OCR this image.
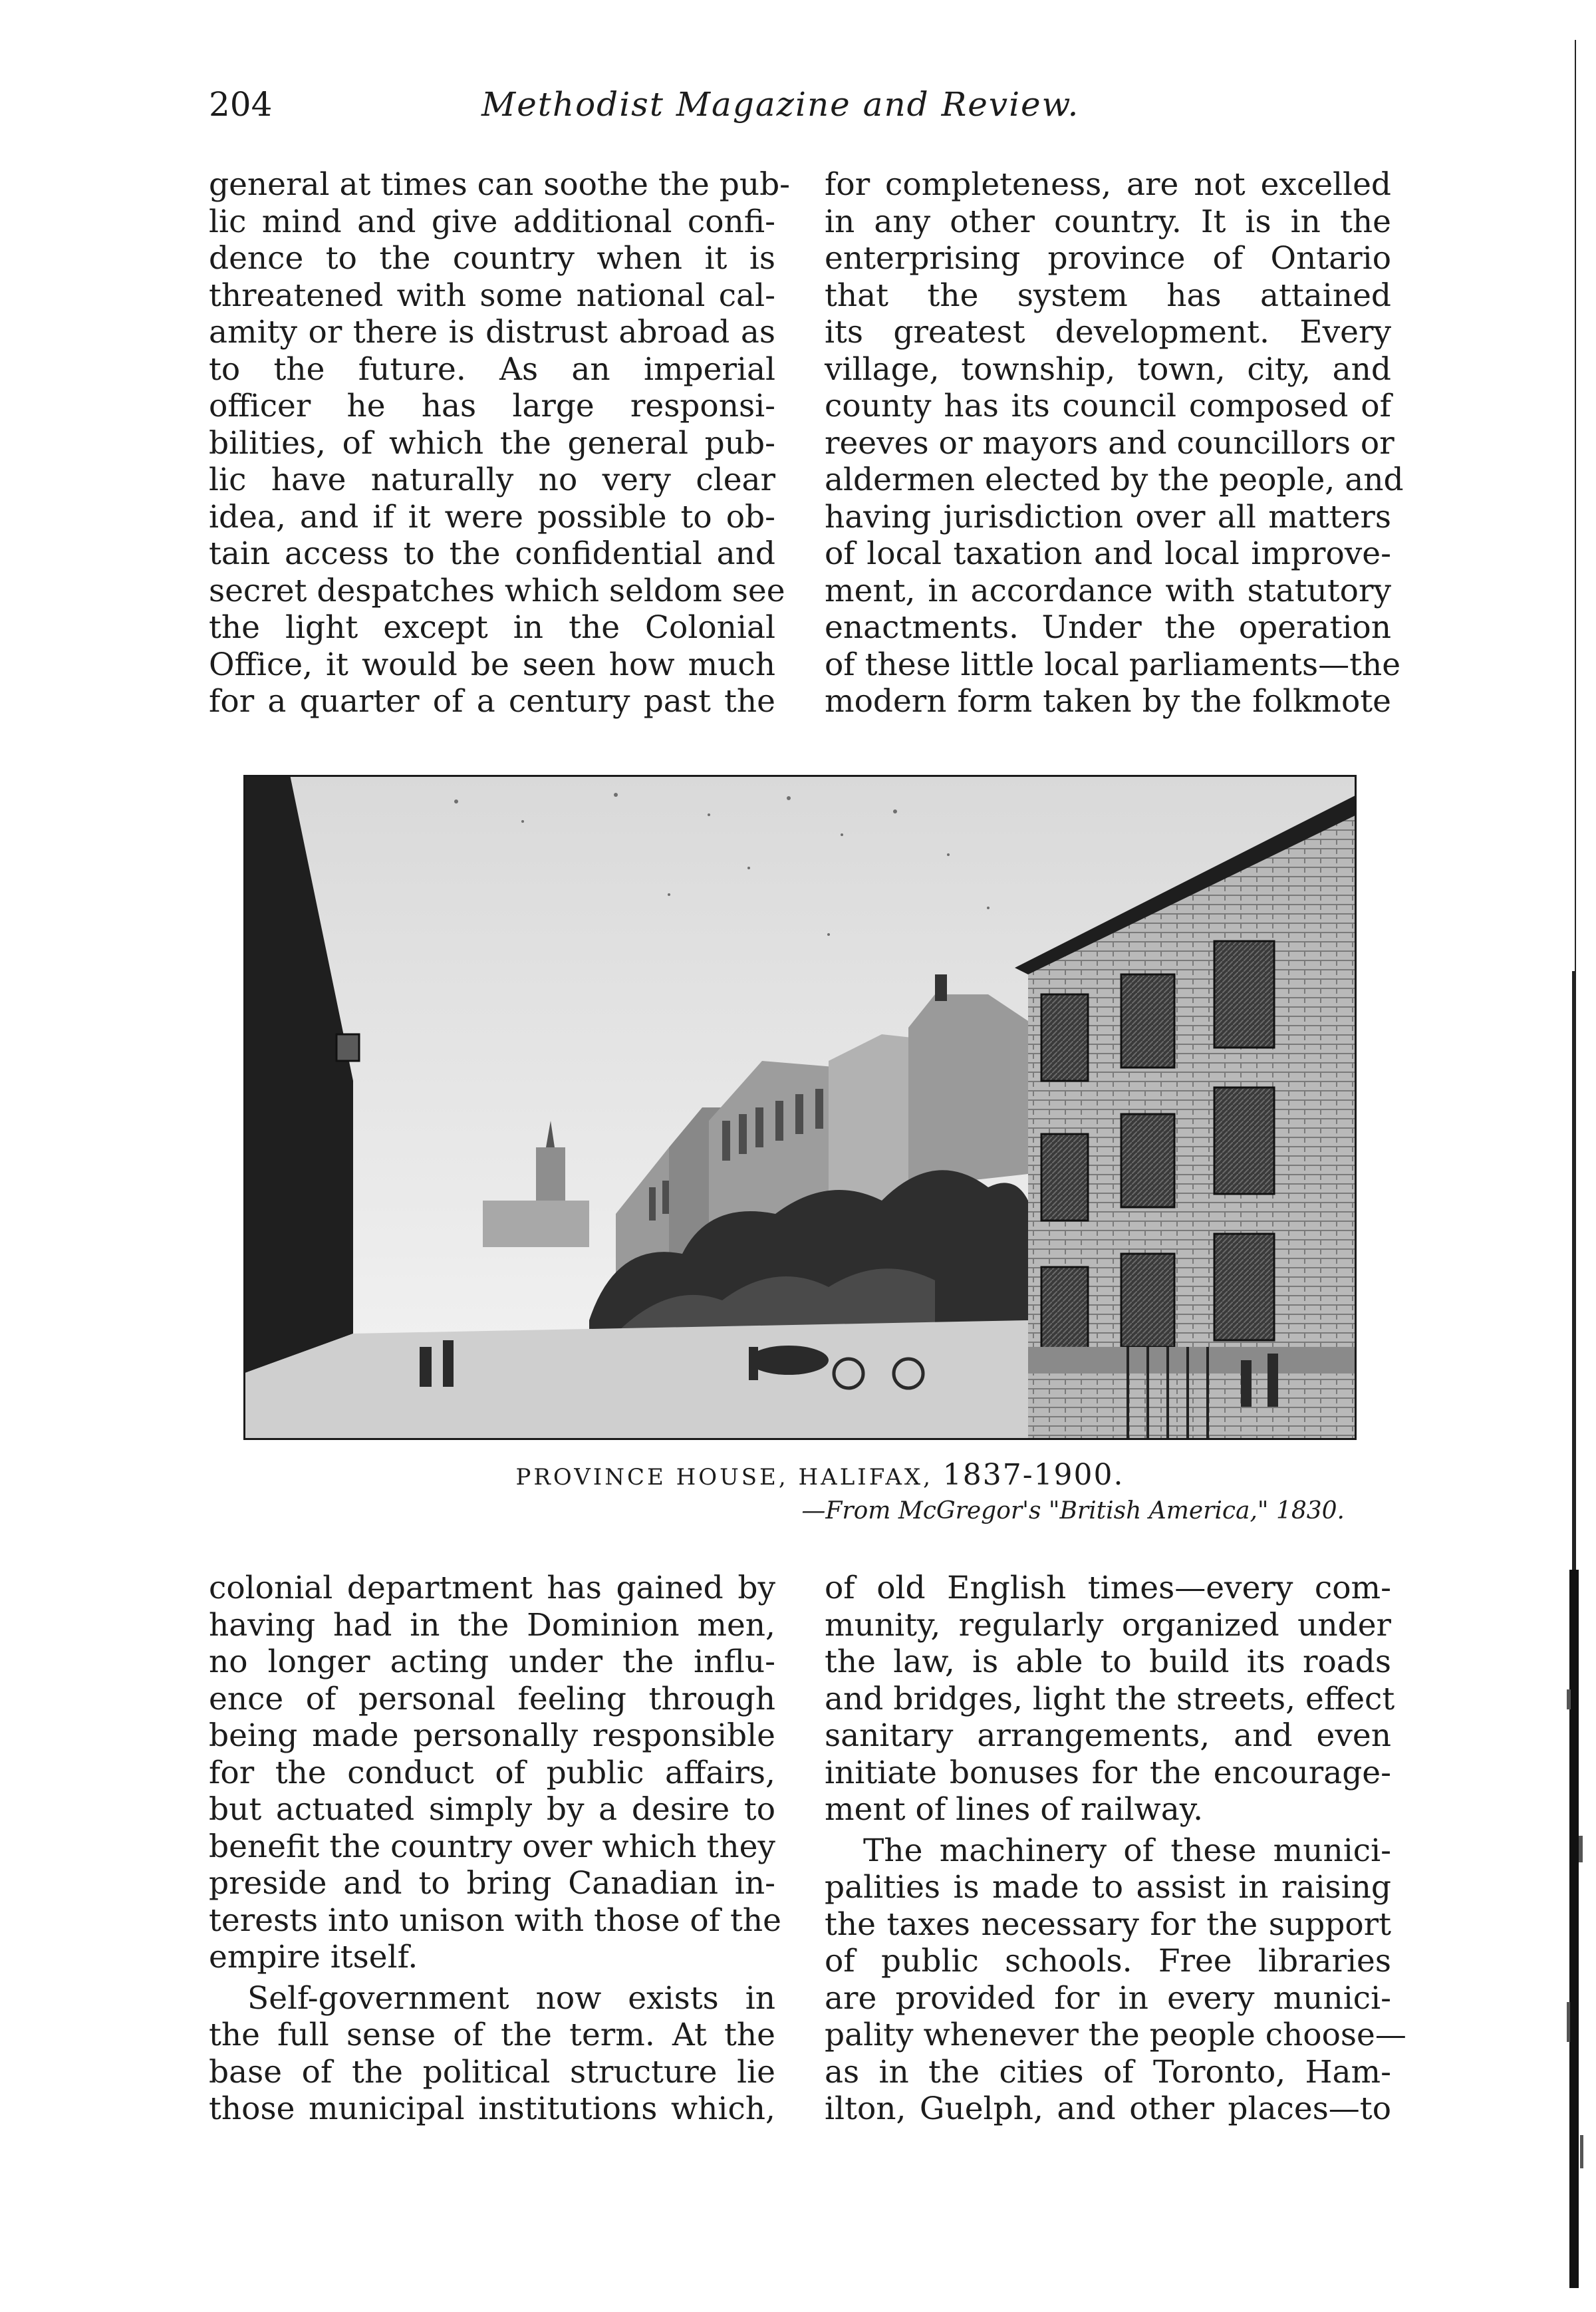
204	Methodist Magazine and Review.

general at times can soothe the pub-
lic mind and give additional confi-
dence to the country when it is
threatened with some national cal-
amity or there is distrust abroad as
to the future. As an imperial
officer he has large responsi-
bilities, of which the general pub-
lic have naturally no very clear
idea, and if it were possible to ob-
tain access to the confidential and
secret despatches which seldom see
the light except in the Colonial
Office, it would be seen how much
for a quarter of a century past the

for completeness, are not excelled
in any other country. It is in the
enterprising province of Ontario
that the system has attained
its greatest development. Every
village, township, town, city, and
county has its council composed of
reeves or mayors and councillors or
aldermen elected by the people, and
having jurisdiction over all matters
of local taxation and local improve-
ment, in accordance with statutory
enactments. Under the operation
of these little local parliaments—the
modern form taken by the folkmote

PROVINCE HOUSE, HALIFAX, 1837-1900.
—From McGregor's "British America," 1830.

colonial department has gained by
having had in the Dominion men,
no longer acting under the influ-
ence of personal feeling through
being made personally responsible
for the conduct of public affairs,
but actuated simply by a desire to
benefit the country over which they
preside and to bring Canadian in-
terests into unison with those of the
empire itself.

Self-government now exists in
the full sense of the term. At the
base of the political structure lie
those municipal institutions which,

of old English times—every com-
munity, regularly organized under
the law, is able to build its roads
and bridges, light the streets, effect
sanitary arrangements, and even
initiate bonuses for the encourage-
ment of lines of railway.

The machinery of these munici-
palities is made to assist in raising
the taxes necessary for the support
of public schools. Free libraries
are provided for in every munici-
pality whenever the people choose—
as in the cities of Toronto, Ham-
ilton, Guelph, and other places—to
